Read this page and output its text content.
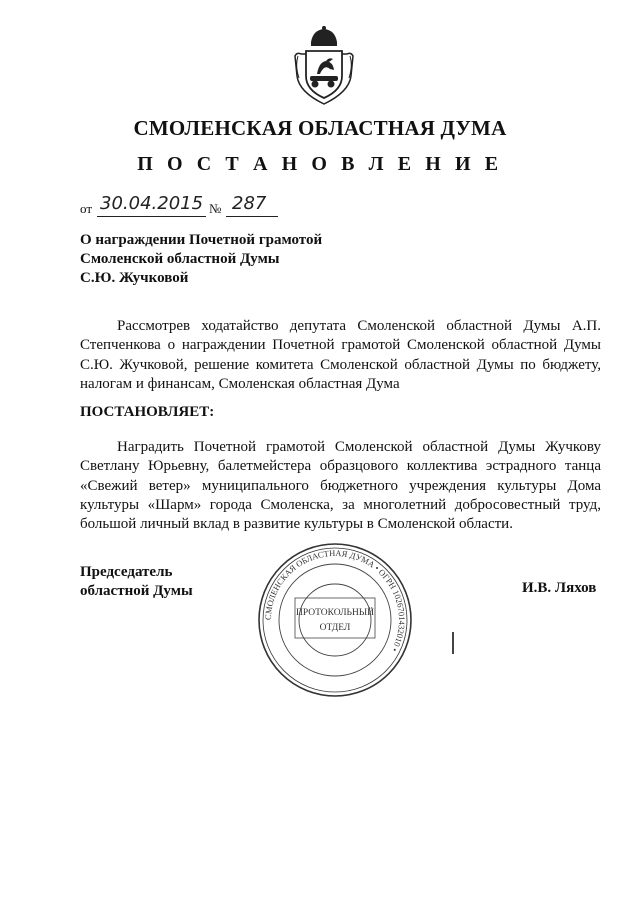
СМОЛЕНСКАЯ ОБЛАСТНАЯ ДУМА
П О С Т А Н О В Л Е Н И Е
от 30.04.2015 № 287
О награждении Почетной грамотой
Смоленской областной Думы
С.Ю. Жучковой
Рассмотрев ходатайство депутата Смоленской областной Думы А.П. Степченкова о награждении Почетной грамотой Смоленской областной Думы С.Ю. Жучковой, решение комитета Смоленской областной Думы по бюджету, налогам и финансам, Смоленская областная Дума
ПОСТАНОВЛЯЕТ:
Наградить Почетной грамотой Смоленской областной Думы Жучкову Светлану Юрьевну, балетмейстера образцового коллектива эстрадного танца «Свежий ветер» муниципального бюджетного учреждения культуры Дома культуры «Шарм» города Смоленска, за многолетний добросовестный труд, большой личный вклад в развитие культуры в Смоленской области.
Председатель
областной Думы	И.В. Ляхов
СМОЛЕНСКАЯ ОБЛАСТНАЯ ДУМА • ОГРН 1026701432010 •
ПРОТОКОЛЬНЫЙ
ОТДЕЛ
